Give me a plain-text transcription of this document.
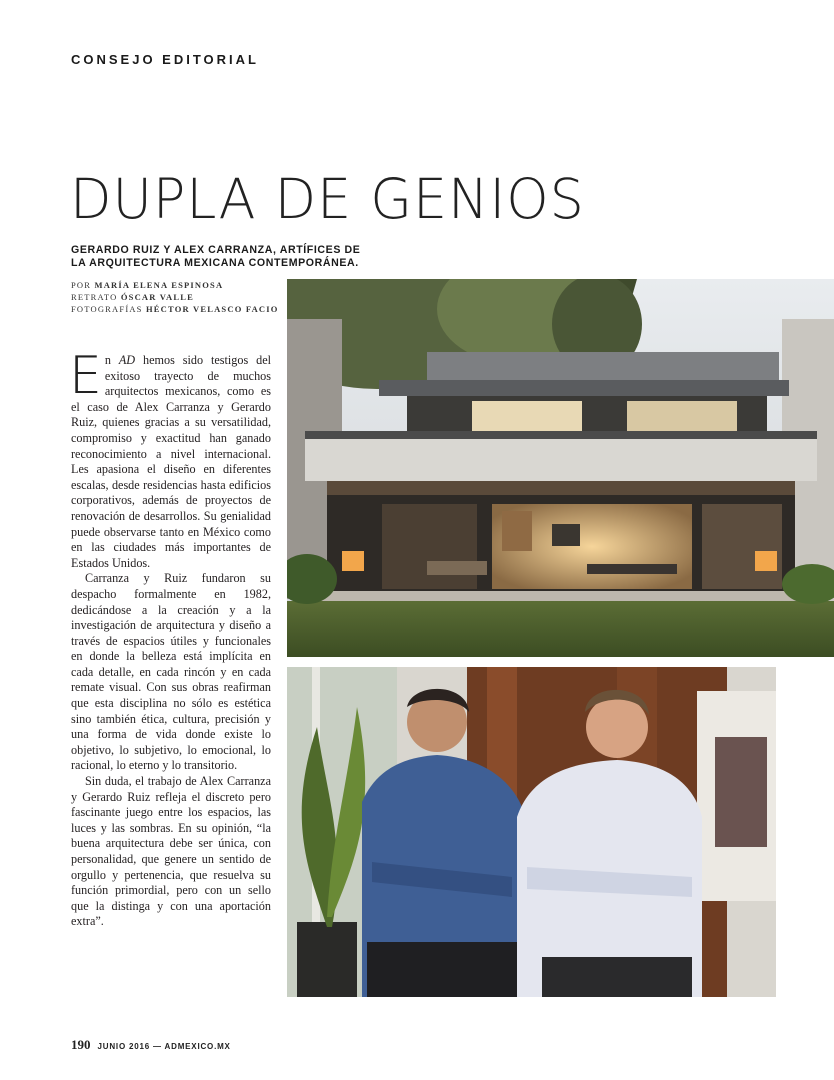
CONSEJO EDITORIAL
DUPLA DE GENIOS
GERARDO RUIZ Y ALEX CARRANZA, ARTÍFICES DE
LA ARQUITECTURA MEXICANA CONTEMPORÁNEA.
POR MARÍA ELENA ESPINOSA
RETRATO ÓSCAR VALLE
FOTOGRAFÍAS HÉCTOR VELASCO FACIO

En AD hemos sido testigos del exitoso trayecto de muchos arquitectos mexicanos, como es el caso de Alex Carranza y Gerardo Ruiz, quienes gracias a su versatilidad, compromiso y exactitud han ganado reconocimiento a nivel internacional. Les apasiona el diseño en diferentes escalas, desde residencias hasta edificios corporativos, además de proyectos de renovación de desarrollos. Su genialidad puede observarse tanto en México como en las ciudades más importantes de Estados Unidos.

Carranza y Ruiz fundaron su despacho formalmente en 1982, dedicándose a la creación y a la investigación de arquitectura y diseño a través de espacios útiles y funcionales en donde la belleza está implícita en cada detalle, en cada rincón y en cada remate visual. Con sus obras reafirman que esta disciplina no sólo es estética sino también ética, cultura, precisión y una forma de vida donde existe lo objetivo, lo subjetivo, lo emocional, lo racional, lo eterno y lo transitorio.

Sin duda, el trabajo de Alex Carranza y Gerardo Ruiz refleja el discreto pero fascinante juego entre los espacios, las luces y las sombras. En su opinión, “la buena arquitectura debe ser única, con personalidad, que genere un sentido de orgullo y pertenencia, que resuelva su función primordial, pero con un sello que la distinga y con una aportación extra”.

190 JUNIO 2016 — ADMEXICO.MX
